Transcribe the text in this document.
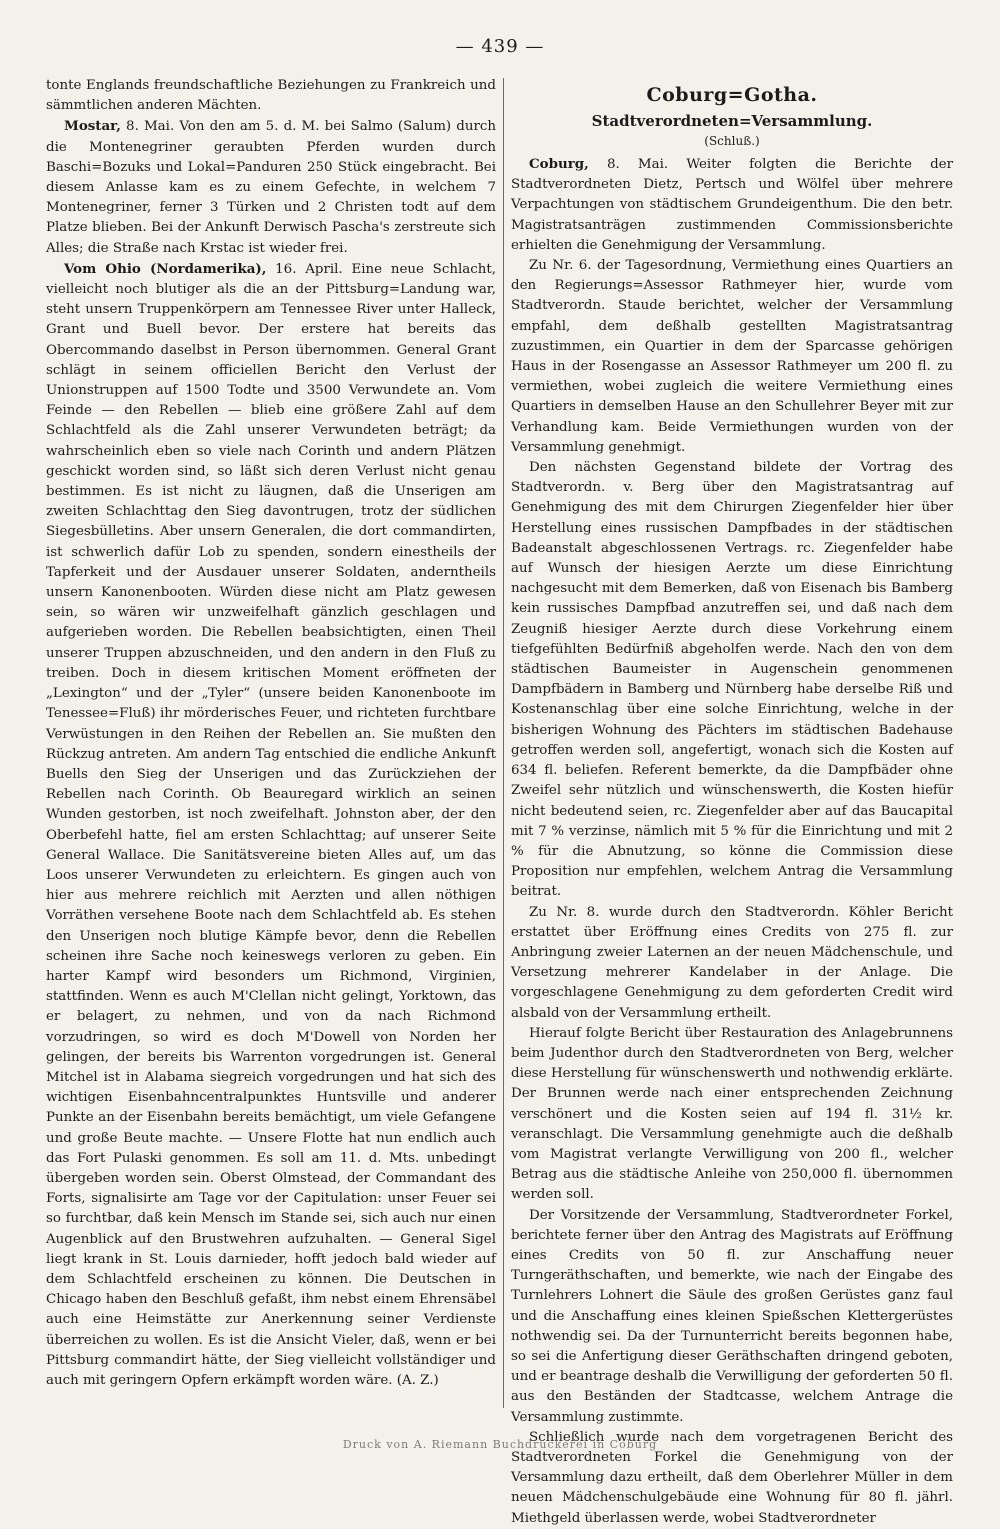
— 439 —

tonte Englands freundschaftliche Beziehungen zu Frankreich und sämmtlichen anderen Mächten.

Mostar, 8. Mai. Von den am 5. d. M. bei Salmo (Salum) durch die Montenegriner geraubten Pferden wurden durch Baschi=Bozuks und Lokal=Panduren 250 Stück eingebracht. Bei diesem Anlasse kam es zu einem Gefechte, in welchem 7 Montenegriner, ferner 3 Türken und 2 Christen todt auf dem Platze blieben. Bei der Ankunft Derwisch Pascha's zerstreute sich Alles; die Straße nach Krstac ist wieder frei.

Vom Ohio (Nordamerika), 16. April. Eine neue Schlacht, vielleicht noch blutiger als die an der Pittsburg=Landung war, steht unsern Truppenkörpern am Tennessee River unter Halleck, Grant und Buell bevor. Der erstere hat bereits das Obercommando daselbst in Person übernommen. General Grant schlägt in seinem officiellen Bericht den Verlust der Unionstruppen auf 1500 Todte und 3500 Verwundete an. Vom Feinde — den Rebellen — blieb eine größere Zahl auf dem Schlachtfeld als die Zahl unserer Verwundeten beträgt; da wahrscheinlich eben so viele nach Corinth und andern Plätzen geschickt worden sind, so läßt sich deren Verlust nicht genau bestimmen. Es ist nicht zu läugnen, daß die Unserigen am zweiten Schlachttag den Sieg davontrugen, trotz der südlichen Siegesbülletins. Aber unsern Generalen, die dort commandirten, ist schwerlich dafür Lob zu spenden, sondern einestheils der Tapferkeit und der Ausdauer unserer Soldaten, anderntheils unsern Kanonenbooten. Würden diese nicht am Platz gewesen sein, so wären wir unzweifelhaft gänzlich geschlagen und aufgerieben worden. Die Rebellen beabsichtigten, einen Theil unserer Truppen abzuschneiden, und den andern in den Fluß zu treiben. Doch in diesem kritischen Moment eröffneten der „Lexington“ und der „Tyler“ (unsere beiden Kanonenboote im Tenessee=Fluß) ihr mörderisches Feuer, und richteten furchtbare Verwüstungen in den Reihen der Rebellen an. Sie mußten den Rückzug antreten. Am andern Tag entschied die endliche Ankunft Buells den Sieg der Unserigen und das Zurückziehen der Rebellen nach Corinth. Ob Beauregard wirklich an seinen Wunden gestorben, ist noch zweifelhaft. Johnston aber, der den Oberbefehl hatte, fiel am ersten Schlachttag; auf unserer Seite General Wallace. Die Sanitätsvereine bieten Alles auf, um das Loos unserer Verwundeten zu erleichtern. Es gingen auch von hier aus mehrere reichlich mit Aerzten und allen nöthigen Vorräthen versehene Boote nach dem Schlachtfeld ab. Es stehen den Unserigen noch blutige Kämpfe bevor, denn die Rebellen scheinen ihre Sache noch keineswegs verloren zu geben. Ein harter Kampf wird besonders um Richmond, Virginien, stattfinden. Wenn es auch M'Clellan nicht gelingt, Yorktown, das er belagert, zu nehmen, und von da nach Richmond vorzudringen, so wird es doch M'Dowell von Norden her gelingen, der bereits bis Warrenton vorgedrungen ist. General Mitchel ist in Alabama siegreich vorgedrungen und hat sich des wichtigen Eisenbahncentralpunktes Huntsville und anderer Punkte an der Eisenbahn bereits bemächtigt, um viele Gefangene und große Beute machte. — Unsere Flotte hat nun endlich auch das Fort Pulaski genommen. Es soll am 11. d. Mts. unbedingt übergeben worden sein. Oberst Olmstead, der Commandant des Forts, signalisirte am Tage vor der Capitulation: unser Feuer sei so furchtbar, daß kein Mensch im Stande sei, sich auch nur einen Augenblick auf den Brustwehren aufzuhalten. — General Sigel liegt krank in St. Louis darnieder, hofft jedoch bald wieder auf dem Schlachtfeld erscheinen zu können. Die Deutschen in Chicago haben den Beschluß gefaßt, ihm nebst einem Ehrensäbel auch eine Heimstätte zur Anerkennung seiner Verdienste überreichen zu wollen. Es ist die Ansicht Vieler, daß, wenn er bei Pittsburg commandirt hätte, der Sieg vielleicht vollständiger und auch mit geringern Opfern erkämpft worden wäre. (A. Z.)

Coburg=Gotha.
Stadtverordneten=Versammlung.
(Schluß.)

Coburg, 8. Mai. Weiter folgten die Berichte der Stadtverordneten Dietz, Pertsch und Wölfel über mehrere Verpachtungen von städtischem Grundeigenthum. Die den betr. Magistratsanträgen zustimmenden Commissionsberichte erhielten die Genehmigung der Versammlung.

Zu Nr. 6. der Tagesordnung, Vermiethung eines Quartiers an den Regierungs=Assessor Rathmeyer hier, wurde vom Stadtverordn. Staude berichtet, welcher der Versammlung empfahl, dem deßhalb gestellten Magistratsantrag zuzustimmen, ein Quartier in dem der Sparcasse gehörigen Haus in der Rosengasse an Assessor Rathmeyer um 200 fl. zu vermiethen, wobei zugleich die weitere Vermiethung eines Quartiers in demselben Hause an den Schullehrer Beyer mit zur Verhandlung kam. Beide Vermiethungen wurden von der Versammlung genehmigt.

Den nächsten Gegenstand bildete der Vortrag des Stadtverordn. v. Berg über den Magistratsantrag auf Genehmigung des mit dem Chirurgen Ziegenfelder hier über Herstellung eines russischen Dampfbades in der städtischen Badeanstalt abgeschlossenen Vertrags. rc. Ziegenfelder habe auf Wunsch der hiesigen Aerzte um diese Einrichtung nachgesucht mit dem Bemerken, daß von Eisenach bis Bamberg kein russisches Dampfbad anzutreffen sei, und daß nach dem Zeugniß hiesiger Aerzte durch diese Vorkehrung einem tiefgefühlten Bedürfniß abgeholfen werde. Nach den von dem städtischen Baumeister in Augenschein genommenen Dampfbädern in Bamberg und Nürnberg habe derselbe Riß und Kostenanschlag über eine solche Einrichtung, welche in der bisherigen Wohnung des Pächters im städtischen Badehause getroffen werden soll, angefertigt, wonach sich die Kosten auf 634 fl. beliefen. Referent bemerkte, da die Dampfbäder ohne Zweifel sehr nützlich und wünschenswerth, die Kosten hiefür nicht bedeutend seien, rc. Ziegenfelder aber auf das Baucapital mit 7 % verzinse, nämlich mit 5 % für die Einrichtung und mit 2 % für die Abnutzung, so könne die Commission diese Proposition nur empfehlen, welchem Antrag die Versammlung beitrat.

Zu Nr. 8. wurde durch den Stadtverordn. Köhler Bericht erstattet über Eröffnung eines Credits von 275 fl. zur Anbringung zweier Laternen an der neuen Mädchenschule, und Versetzung mehrerer Kandelaber in der Anlage. Die vorgeschlagene Genehmigung zu dem geforderten Credit wird alsbald von der Versammlung ertheilt.

Hierauf folgte Bericht über Restauration des Anlagebrunnens beim Judenthor durch den Stadtverordneten von Berg, welcher diese Herstellung für wünschenswerth und nothwendig erklärte. Der Brunnen werde nach einer entsprechenden Zeichnung verschönert und die Kosten seien auf 194 fl. 31½ kr. veranschlagt. Die Versammlung genehmigte auch die deßhalb vom Magistrat verlangte Verwilligung von 200 fl., welcher Betrag aus die städtische Anleihe von 250,000 fl. übernommen werden soll.

Der Vorsitzende der Versammlung, Stadtverordneter Forkel, berichtete ferner über den Antrag des Magistrats auf Eröffnung eines Credits von 50 fl. zur Anschaffung neuer Turngeräthschaften, und bemerkte, wie nach der Eingabe des Turnlehrers Lohnert die Säule des großen Gerüstes ganz faul und die Anschaffung eines kleinen Spießschen Klettergerüstes nothwendig sei. Da der Turnunterricht bereits begonnen habe, so sei die Anfertigung dieser Geräthschaften dringend geboten, und er beantrage deshalb die Verwilligung der geforderten 50 fl. aus den Beständen der Stadtcasse, welchem Antrage die Versammlung zustimmte.

Schließlich wurde nach dem vorgetragenen Bericht des Stadtverordneten Forkel die Genehmigung von der Versammlung dazu ertheilt, daß dem Oberlehrer Müller in dem neuen Mädchenschulgebäude eine Wohnung für 80 fl. jährl. Miethgeld überlassen werde, wobei Stadtverordneter

Druck von A. Riemann Buchdruckerei in Coburg
